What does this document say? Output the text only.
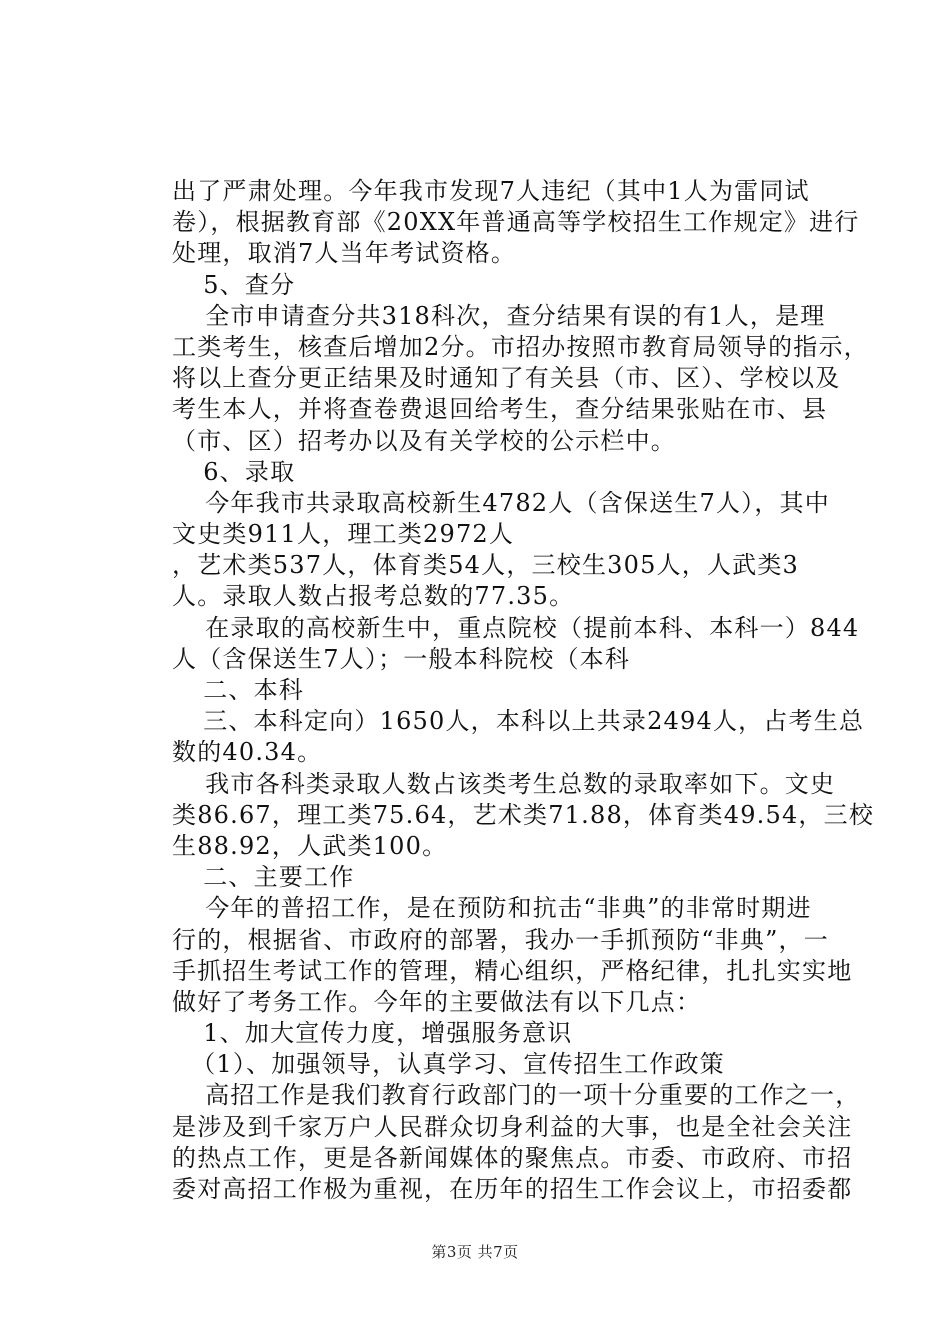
出了严肃处理。今年我市发现7人违纪（其中1人为雷同试
卷），根据教育部《20XX年普通高等学校招生工作规定》进行
处理，取消7人当年考试资格。
　5、查分
　全市申请查分共318科次，查分结果有误的有1人，是理
工类考生，核查后增加2分。市招办按照市教育局领导的指示，
将以上查分更正结果及时通知了有关县（市、区）、学校以及
考生本人，并将查卷费退回给考生，查分结果张贴在市、县
（市、区）招考办以及有关学校的公示栏中。
　6、录取
　今年我市共录取高校新生4782人（含保送生7人），其中
文史类911人，理工类2972人
，艺术类537人，体育类54人，三校生305人，人武类3
人。录取人数占报考总数的77.35。
　在录取的高校新生中，重点院校（提前本科、本科一）844
人（含保送生7人）；一般本科院校（本科
　二、本科
　三、本科定向）1650人，本科以上共录2494人，占考生总
数的40.34。
　我市各科类录取人数占该类考生总数的录取率如下。文史
类86.67，理工类75.64，艺术类71.88，体育类49.54，三校
生88.92，人武类100。
　二、主要工作
　今年的普招工作，是在预防和抗击“非典”的非常时期进
行的，根据省、市政府的部署，我办一手抓预防“非典”，一
手抓招生考试工作的管理，精心组织，严格纪律，扎扎实实地
做好了考务工作。今年的主要做法有以下几点：
　1、加大宣传力度，增强服务意识
　（1）、加强领导，认真学习、宣传招生工作政策
　高招工作是我们教育行政部门的一项十分重要的工作之一，
是涉及到千家万户人民群众切身利益的大事，也是全社会关注
的热点工作，更是各新闻媒体的聚焦点。市委、市政府、市招
委对高招工作极为重视，在历年的招生工作会议上，市招委都
第3页 共7页
